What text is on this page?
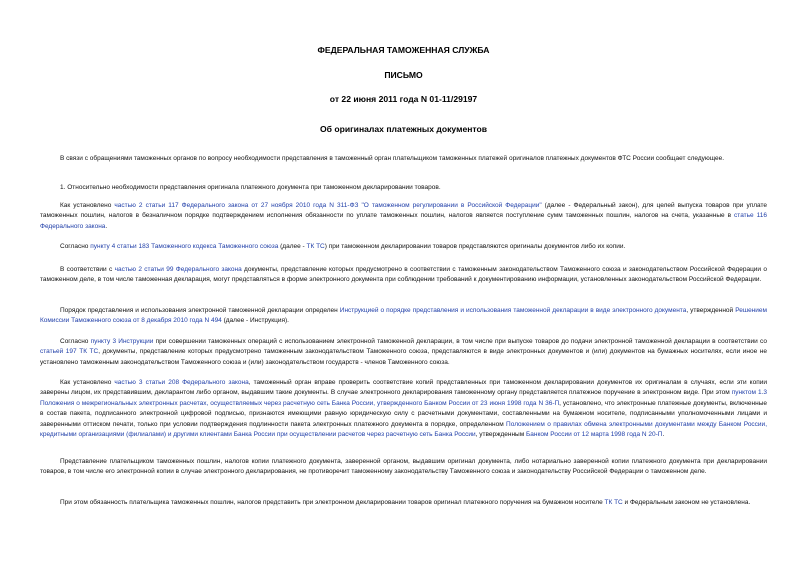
ФЕДЕРАЛЬНАЯ ТАМОЖЕННАЯ СЛУЖБА
ПИСЬМО
от 22 июня 2011 года N 01-11/29197
Об оригиналах платежных документов

В связи с обращениями таможенных органов по вопросу необходимости представления в таможенный орган плательщиком таможенных платежей оригиналов платежных документов ФТС России сообщает следующее.

1. Относительно необходимости представления оригинала платежного документа при таможенном декларировании товаров.

Как установлено частью 2 статьи 117 Федерального закона от 27 ноября 2010 года N 311-ФЗ "О таможенном регулировании в Российской Федерации" (далее - Федеральный закон), для целей выпуска товаров при уплате таможенных пошлин, налогов в безналичном порядке подтверждением исполнения обязанности по уплате таможенных пошлин, налогов является поступление сумм таможенных пошлин, налогов на счета, указанные в статье 116 Федерального закона.

Согласно пункту 4 статьи 183 Таможенного кодекса Таможенного союза (далее - ТК ТС) при таможенном декларировании товаров представляются оригиналы документов либо их копии.

В соответствии с частью 2 статьи 99 Федерального закона документы, представление которых предусмотрено в соответствии с таможенным законодательством Таможенного союза и законодательством Российской Федерации о таможенном деле, в том числе таможенная декларация, могут представляться в форме электронного документа при соблюдении требований к документированию информации, установленных законодательством Российской Федерации.

Порядок представления и использования электронной таможенной декларации определен Инструкцией о порядке представления и использования таможенной декларации в виде электронного документа, утвержденной Решением Комиссии Таможенного союза от 8 декабря 2010 года N 494 (далее - Инструкция).

Согласно пункту 3 Инструкции при совершении таможенных операций с использованием электронной таможенной декларации, в том числе при выпуске товаров до подачи электронной таможенной декларации в соответствии со статьей 197 ТК ТС, документы, представление которых предусмотрено таможенным законодательством Таможенного союза, представляются в виде электронных документов и (или) документов на бумажных носителях, если иное не установлено таможенным законодательством Таможенного союза и (или) законодательством государств - членов Таможенного союза.

Как установлено частью 3 статьи 208 Федерального закона, таможенный орган вправе проверить соответствие копий представленных при таможенном декларировании документов их оригиналам в случаях, если эти копии заверены лицом, их представившим, декларантом либо органом, выдавшим такие документы. В случае электронного декларирования таможенному органу представляется платежное поручение в электронном виде. При этом пунктом 1.3 Положения о межрегиональных электронных расчетах, осуществляемых через расчетную сеть Банка России, утвержденного Банком России от 23 июня 1998 года N 36-П, установлено, что электронные платежные документы, включенные в состав пакета, подписанного электронной цифровой подписью, признаются имеющими равную юридическую силу с расчетными документами, составленными на бумажном носителе, подписанными уполномоченными лицами и заверенными оттиском печати, только при условии подтверждения подлинности пакета электронных платежного документа в порядке, определенном Положением о правилах обмена электронными документами между Банком России, кредитными организациями (филиалами) и другими клиентами Банка России при осуществлении расчетов через расчетную сеть Банка России, утвержденным Банком России от 12 марта 1998 года N 20-П.

Представление плательщиком таможенных пошлин, налогов копии платежного документа, заверенной органом, выдавшим оригинал документа, либо нотариально заверенной копии платежного документа при декларировании товаров, в том числе его электронной копии в случае электронного декларирования, не противоречит таможенному законодательству Таможенного союза и законодательству Российской Федерации о таможенном деле.

При этом обязанность плательщика таможенных пошлин, налогов представить при электронном декларировании товаров оригинал платежного поручения на бумажном носителе ТК ТС и Федеральным законом не установлена.
